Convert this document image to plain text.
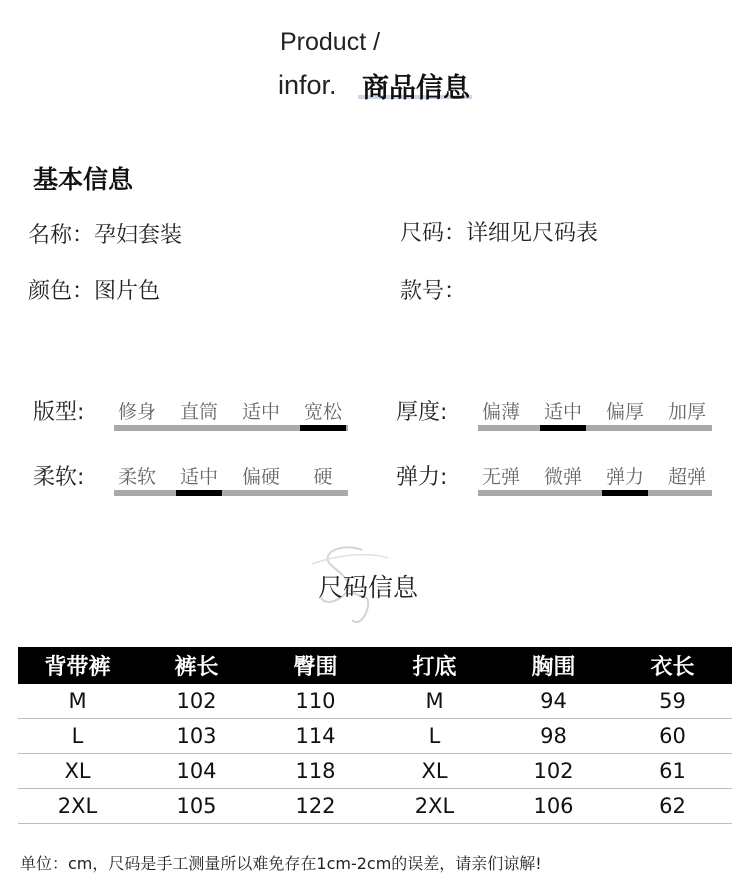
Product /
infor. 商品信息
基本信息
名称：孕妇套装	尺码：详细见尺码表
颜色：图片色	款号：
版型:	修身	直筒	适中	宽松	厚度:	偏薄	适中	偏厚	加厚
柔软:	柔软	适中	偏硬	硬	弹力:	无弹	微弹	弹力	超弹
尺码信息
背带裤	裤长	臀围	打底	胸围	衣长
M	102	110	M	94	59
L	103	114	L	98	60
XL	104	118	XL	102	61
2XL	105	122	2XL	106	62
单位：cm，尺码是手工测量所以难免存在1cm-2cm的误差，请亲们谅解!
